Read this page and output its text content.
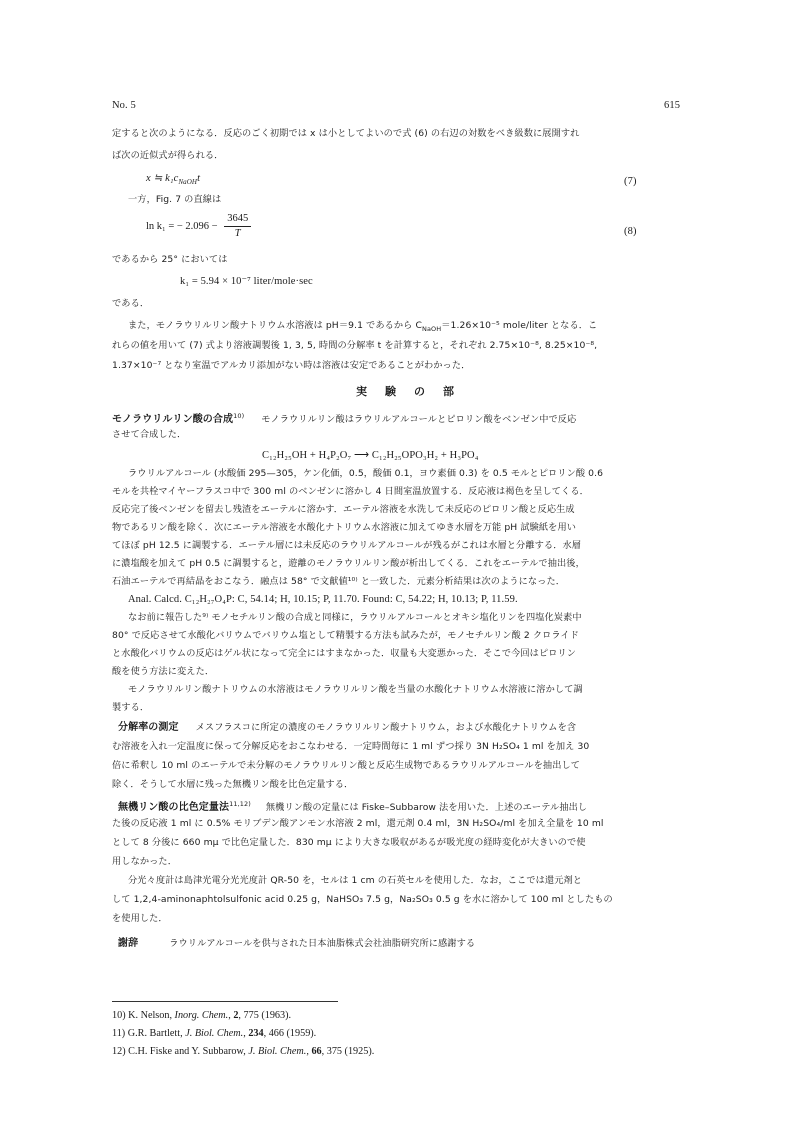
No. 5	615
定すると次のようになる．反応のごく初期では x は小としてよいので式 (6) の右辺の対数をべき級数に展開すれ
ば次の近似式が得られる．
x ≒ $k_1c_{NaOH}t$	(7)
一方，Fig. 7 の直線は
ln k₁ = − $2.096 - \frac{3645}{T}$	(8)
であるから 25° においては
k₁ = 5.94 × 10⁻⁷ liter/mole·sec
である．
また，モノラウリルリン酸ナトリウム水溶液は pH＝9.1 であるから $C_{NaOH}=1.26\times 10^{-5}$ mole/liter となる．こ
れらの値を用いて (7) 式より溶液調製後 1, 3, 5, 時間の分解率 t を計算すると，それぞれ 2.75×10⁻⁸, 8.25×10⁻⁸,
1.37×10⁻⁷ となり室温でアルカリ添加がない時は溶液は安定であることがわかった．
実験の部
モノラウリルリン酸の合成$^{10)}$ モノラウリルリン酸はラウリルアルコールとピロリン酸をベンゼン中で反応
させて合成した．
C₁₂H₂₅OH + H₄P₂O₇ ⟶ C₁₂H₂₅OPO₃H₂ + H₃PO₄
ラウリルアルコール (水酸価 295—305，ケン化価，0.5，酸価 0.1，ヨウ素価 0.3) を 0.5 モルとピロリン酸 0.6
モルを共栓マイヤーフラスコ中で 300 ml のベンゼンに溶かし 4 日間室温放置する．反応液は褐色を呈してくる．
反応完了後ベンゼンを留去し残渣をエーテルに溶かす．エーテル溶液を水洗して未反応のピロリン酸と反応生成
物であるリン酸を除く．次にエーテル溶液を水酸化ナトリウム水溶液に加えてゆき水層を万能 pH 試験紙を用い
てほぼ pH 12.5 に調製する．エーテル層には未反応のラウリルアルコールが残るがこれは水層と分離する．水層
に濃塩酸を加えて pH 0.5 に調製すると，遊離のモノラウリルリン酸が析出してくる．これをエーテルで抽出後，
石油エーテルで再結晶をおこなう．融点は 58° で文献値¹⁰⁾ と一致した．元素分析結果は次のようになった．
Anal. Calcd. C₁₂H₂₇O₄P: C, 54.14; H, 10.15; P, 11.70. Found: C, 54.22; H, 10.13; P, 11.59.
なお前に報告した⁹⁾ モノセチルリン酸の合成と同様に，ラウリルアルコールとオキシ塩化リンを四塩化炭素中
80° で反応させて水酸化バリウムでバリウム塩として精製する方法も試みたが，モノセチルリン酸 2 クロライド
と水酸化バリウムの反応はゲル状になって完全にはすまなかった．収量も大変悪かった．そこで今回はピロリン
酸を使う方法に変えた．
モノラウリルリン酸ナトリウムの水溶液はモノラウリルリン酸を当量の水酸化ナトリウム水溶液に溶かして調
製する．
分解率の測定 メスフラスコに所定の濃度のモノラウリルリン酸ナトリウム，および水酸化ナトリウムを含
む溶液を入れ一定温度に保って分解反応をおこなわせる．一定時間毎に 1 ml ずつ採り 3N H₂SO₄ 1 ml を加え 30
倍に希釈し 10 ml のエーテルで未分解のモノラウリルリン酸と反応生成物であるラウリルアルコールを抽出して
除く．そうして水層に残った無機リン酸を比色定量する．
無機リン酸の比色定量法$^{11,12)}$ 無機リン酸の定量には Fiske–Subbarow 法を用いた．上述のエーテル抽出し
た後の反応液 1 ml に 0.5% モリブデン酸アンモン水溶液 2 ml，還元剤 0.4 ml，3N H₂SO₄/ml を加え全量を 10 ml
として 8 分後に 660 mμ で比色定量した．830 mμ により大きな吸収があるが吸光度の経時変化が大きいので使
用しなかった．
分光々度計は島津光電分光光度計 QR-50 を，セルは 1 cm の石英セルを使用した．なお，ここでは還元剤と
して 1,2,4-aminonaphtolsulfonic acid 0.25 g，NaHSO₃ 7.5 g，Na₂SO₃ 0.5 g を水に溶かして 100 ml としたもの
を使用した．
謝辞	ラウリルアルコールを供与された日本油脂株式会社油脂研究所に感謝する
10) K. Nelson, Inorg. Chem., 2, 775 (1963).
11) G.R. Bartlett, J. Biol. Chem., 234, 466 (1959).
12) C.H. Fiske and Y. Subbarow, J. Biol. Chem., 66, 375 (1925).
